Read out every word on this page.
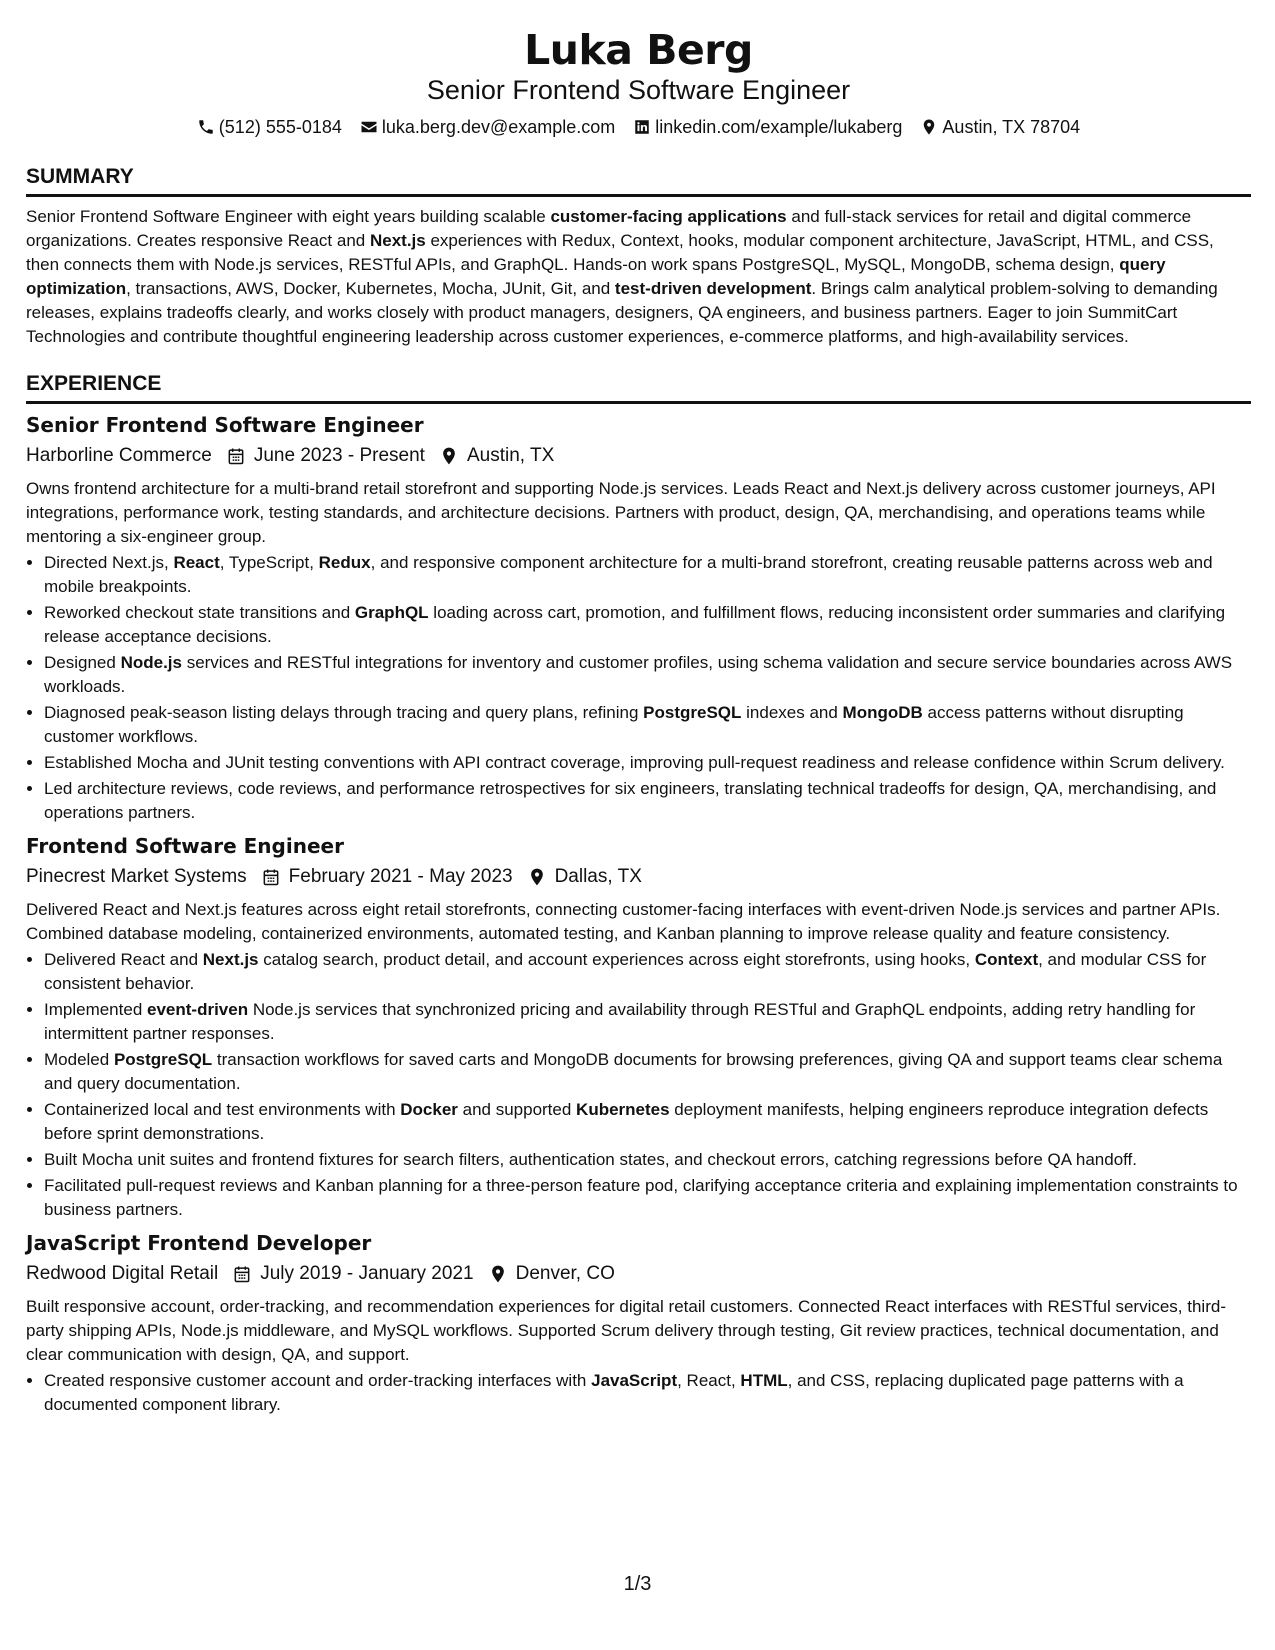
Luka Berg
Senior Frontend Software Engineer
(512) 555-0184 luka.berg.dev@example.com linkedin.com/example/lukaberg Austin, TX 78704
SUMMARY

Senior Frontend Software Engineer with eight years building scalable customer-facing applications and full-stack services for retail and digital commerce organizations. Creates responsive React and Next.js experiences with Redux, Context, hooks, modular component architecture, JavaScript, HTML, and CSS, then connects them with Node.js services, RESTful APIs, and GraphQL. Hands-on work spans PostgreSQL, MySQL, MongoDB, schema design, query optimization, transactions, AWS, Docker, Kubernetes, Mocha, JUnit, Git, and test-driven development. Brings calm analytical problem-solving to demanding releases, explains tradeoffs clearly, and works closely with product managers, designers, QA engineers, and business partners. Eager to join SummitCart Technologies and contribute thoughtful engineering leadership across customer experiences, e-commerce platforms, and high-availability services.

EXPERIENCE
Senior Frontend Software Engineer
Harborline Commerce June 2023 - Present Austin, TX
Owns frontend architecture for a multi-brand retail storefront and supporting Node.js services. Leads React and Next.js delivery across customer journeys, API integrations, performance work, testing standards, and architecture decisions. Partners with product, design, QA, merchandising, and operations teams while mentoring a six-engineer group.
• Directed Next.js, React, TypeScript, Redux, and responsive component architecture for a multi-brand storefront, creating reusable patterns across web and mobile breakpoints.
• Reworked checkout state transitions and GraphQL loading across cart, promotion, and fulfillment flows, reducing inconsistent order summaries and clarifying release acceptance decisions.
• Designed Node.js services and RESTful integrations for inventory and customer profiles, using schema validation and secure service boundaries across AWS workloads.
• Diagnosed peak-season listing delays through tracing and query plans, refining PostgreSQL indexes and MongoDB access patterns without disrupting customer workflows.
• Established Mocha and JUnit testing conventions with API contract coverage, improving pull-request readiness and release confidence within Scrum delivery.
• Led architecture reviews, code reviews, and performance retrospectives for six engineers, translating technical tradeoffs for design, QA, merchandising, and operations partners.
Frontend Software Engineer
Pinecrest Market Systems February 2021 - May 2023 Dallas, TX
Delivered React and Next.js features across eight retail storefronts, connecting customer-facing interfaces with event-driven Node.js services and partner APIs. Combined database modeling, containerized environments, automated testing, and Kanban planning to improve release quality and feature consistency.
• Delivered React and Next.js catalog search, product detail, and account experiences across eight storefronts, using hooks, Context, and modular CSS for consistent behavior.
• Implemented event-driven Node.js services that synchronized pricing and availability through RESTful and GraphQL endpoints, adding retry handling for intermittent partner responses.
• Modeled PostgreSQL transaction workflows for saved carts and MongoDB documents for browsing preferences, giving QA and support teams clear schema and query documentation.
• Containerized local and test environments with Docker and supported Kubernetes deployment manifests, helping engineers reproduce integration defects before sprint demonstrations.
• Built Mocha unit suites and frontend fixtures for search filters, authentication states, and checkout errors, catching regressions before QA handoff.
• Facilitated pull-request reviews and Kanban planning for a three-person feature pod, clarifying acceptance criteria and explaining implementation constraints to business partners.
JavaScript Frontend Developer
Redwood Digital Retail July 2019 - January 2021 Denver, CO
Built responsive account, order-tracking, and recommendation experiences for digital retail customers. Connected React interfaces with RESTful services, third-party shipping APIs, Node.js middleware, and MySQL workflows. Supported Scrum delivery through testing, Git review practices, technical documentation, and clear communication with design, QA, and support.
• Created responsive customer account and order-tracking interfaces with JavaScript, React, HTML, and CSS, replacing duplicated page patterns with a documented component library.
1/3
